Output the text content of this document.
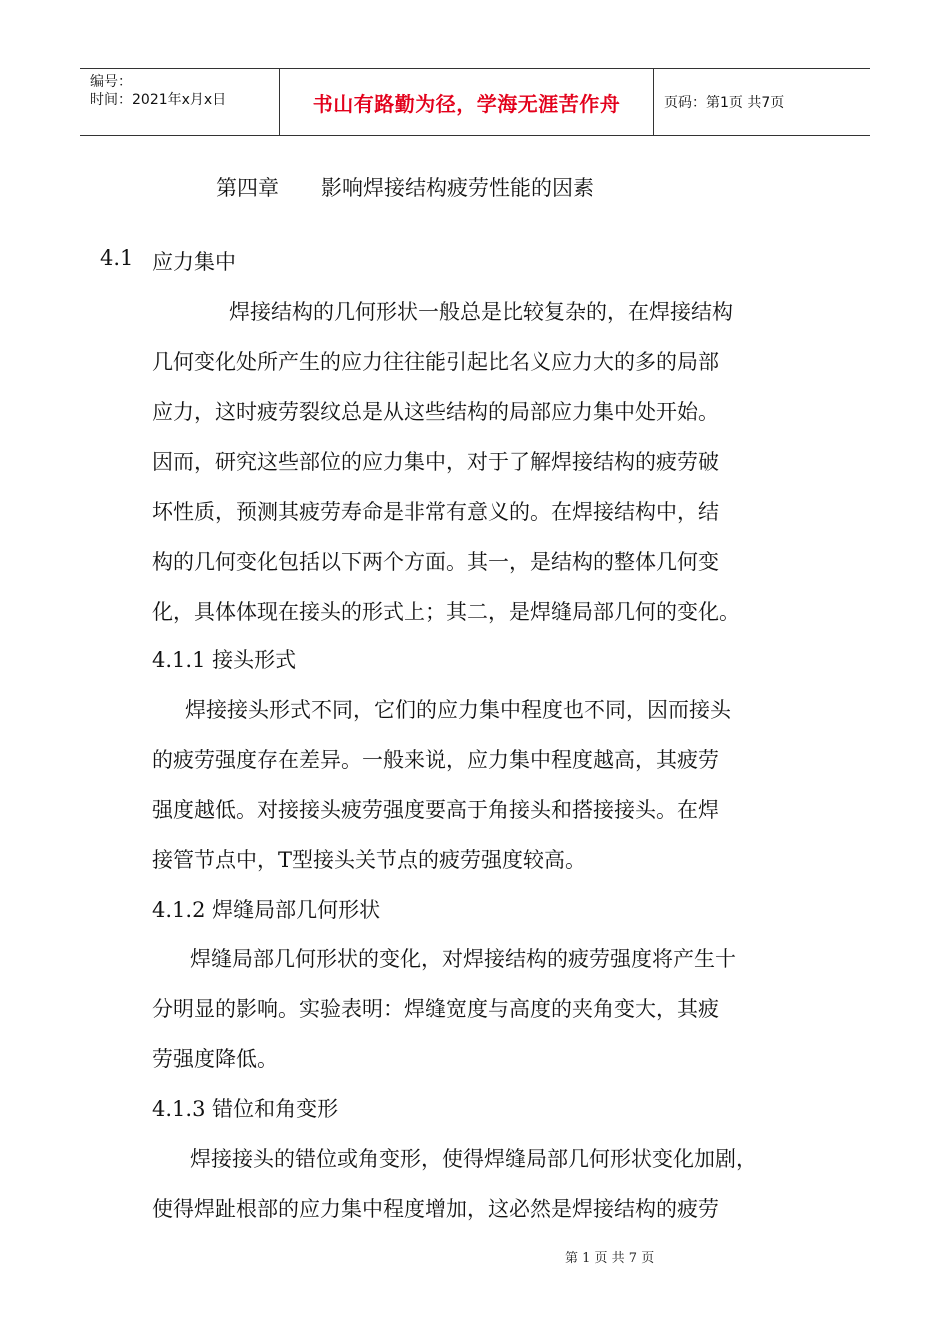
编号：
时间：2021年x月x日	书山有路勤为径，学海无涯苦作舟	页码：第1页 共7页
第四章　　影响焊接结构疲劳性能的因素
4.1 应力集中
焊接结构的几何形状一般总是比较复杂的，在焊接结构
几何变化处所产生的应力往往能引起比名义应力大的多的局部
应力，这时疲劳裂纹总是从这些结构的局部应力集中处开始。
因而，研究这些部位的应力集中，对于了解焊接结构的疲劳破
坏性质，预测其疲劳寿命是非常有意义的。在焊接结构中，结
构的几何变化包括以下两个方面。其一，是结构的整体几何变
化，具体体现在接头的形式上；其二，是焊缝局部几何的变化。
4.1.1 接头形式
焊接接头形式不同，它们的应力集中程度也不同，因而接头
的疲劳强度存在差异。一般来说，应力集中程度越高，其疲劳
强度越低。对接接头疲劳强度要高于角接头和搭接接头。在焊
接管节点中，T型接头关节点的疲劳强度较高。
4.1.2 焊缝局部几何形状
焊缝局部几何形状的变化，对焊接结构的疲劳强度将产生十
分明显的影响。实验表明：焊缝宽度与高度的夹角变大，其疲
劳强度降低。
4.1.3 错位和角变形
焊接接头的错位或角变形，使得焊缝局部几何形状变化加剧，
使得焊趾根部的应力集中程度增加，这必然是焊接结构的疲劳
第 1 页 共 7 页
